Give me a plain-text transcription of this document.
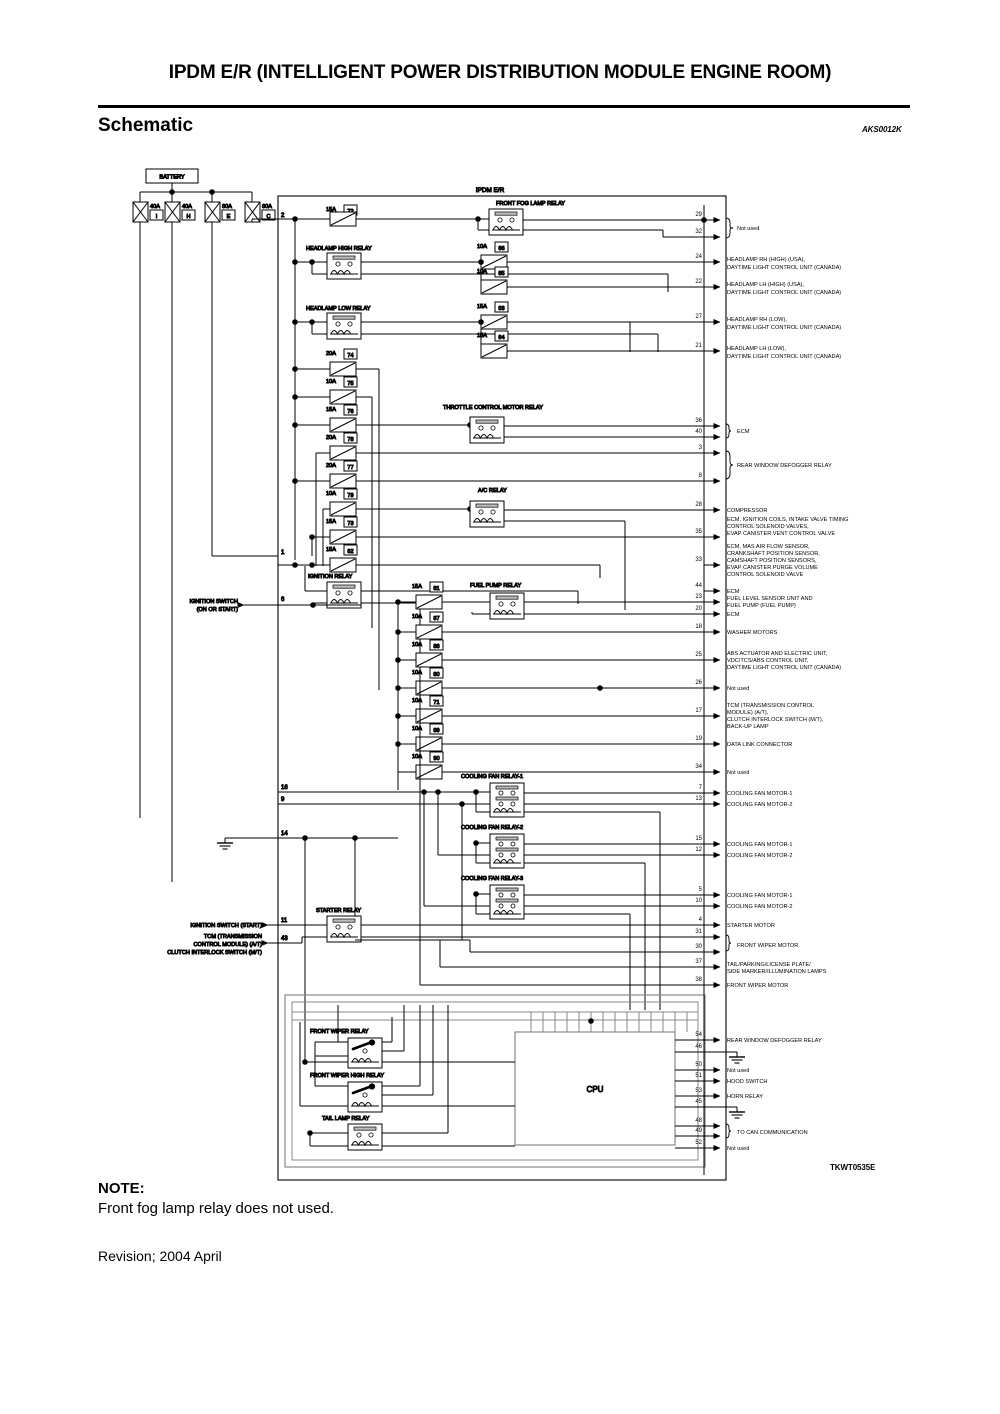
IPDM E/R (INTELLIGENT POWER DISTRIBUTION MODULE ENGINE ROOM)
Schematic	AKS0012K
TKWT0535E
NOTE:
Front fog lamp relay does not used.
Revision; 2004 April
BATTERY
40A
I
40A
H
80A
E
80A
C
IPDM E/R
2
1
15A 72
FRONT FOG LAMP RELAY
HEADLAMP HIGH RELAY	10A 86
10A 85
HEADLAMP LOW RELAY	15A 83
15A 84
20A 74
10A 75
15A 76
THROTTLE CONTROL MOTOR RELAY
20A 78
20A 77
10A 79
A/C RELAY
15A 73
15A 82
IGNITION RELAY
6
IGNITION SWITCH
(ON OR START)
15A 81	FUEL PUMP RELAY
10A 87
10A 88
10A 80
10A 71
10A 89
10A 90
COOLING FAN RELAY-1
16
9
COOLING FAN RELAY-2
COOLING FAN RELAY-3
14
STARTER RELAY
11
IGNITION SWITCH (START)
43
TCM (TRANSMISSION
CONTROL MODULE) (A/T)
CLUTCH INTERLOCK SWITCH (M/T)
CPU
FRONT WIPER RELAY
FRONT WIPER HIGH RELAY
TAIL LAMP RELAY
29
32
24
22
27
21
36
40
3
8
28
35
33
44
23
20
18
25
26
17
19
34
7
13
15
12
5
10
4
31
30
37
38
54
46
50
51
53
45
48
49
52
Not used
HEADLAMP RH (HIGH) (USA),
DAYTIME LIGHT CONTROL UNIT (CANADA)
HEADLAMP LH (HIGH) (USA),
DAYTIME LIGHT CONTROL UNIT (CANADA)
HEADLAMP RH (LOW),
DAYTIME LIGHT CONTROL UNIT (CANADA)
HEADLAMP LH (LOW),
DAYTIME LIGHT CONTROL UNIT (CANADA)
ECM
REAR WINDOW DEFOGGER RELAY
COMPRESSOR
ECM, IGNITION COILS, INTAKE VALVE TIMING
CONTROL SOLENOID VALVES,
EVAP CANISTER VENT CONTROL VALVE
ECM, MAS AIR FLOW SENSOR,
CRANKSHAFT POSITION SENSOR,
CAMSHAFT POSITION SENSORS,
EVAP CANISTER PURGE VOLUME
CONTROL SOLENOID VALVE
ECM
FUEL LEVEL SENSOR UNIT AND
FUEL PUMP (FUEL PUMP)
ECM
WASHER MOTORS
ABS ACTUATOR AND ELECTRIC UNIT,
VDC/TCS/ABS CONTROL UNIT,
DAYTIME LIGHT CONTROL UNIT (CANADA)
Not used
TCM (TRANSMISSION CONTROL
MODULE) (A/T),
CLUTCH INTERLOCK SWITCH (M/T),
BACK-UP LAMP
DATA LINK CONNECTOR
Not used
COOLING FAN MOTOR-1
COOLING FAN MOTOR-2
COOLING FAN MOTOR-1
COOLING FAN MOTOR-2
COOLING FAN MOTOR-1
COOLING FAN MOTOR-2
STARTER MOTOR
FRONT WIPER MOTOR
TAIL/PARKING/LICENSE PLATE/
SIDE MARKER/ILLUMINATION LAMPS
FRONT WIPER MOTOR
REAR WINDOW DEFOGGER RELAY
Not used
HOOD SWITCH
HORN RELAY
TO CAN COMMUNICATION
Not used
